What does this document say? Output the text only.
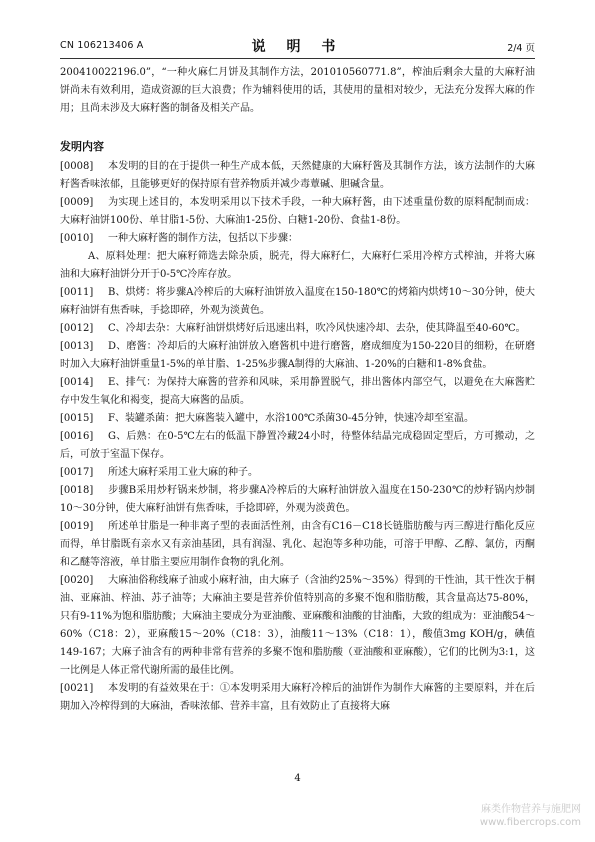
CN 106213406 A	说 明 书	2/4 页

200410022196.0”，“一种火麻仁月饼及其制作方法，201010560771.8”，榨油后剩余大量的大麻籽油饼尚未有效利用，造成资源的巨大浪费；作为辅料使用的话，其使用的量相对较少，无法充分发挥大麻的作用；且尚未涉及大麻籽酱的制备及相关产品。

发明内容

[0008] 本发明的目的在于提供一种生产成本低，天然健康的大麻籽酱及其制作方法，该方法制作的大麻籽酱香味浓郁，且能够更好的保持原有营养物质并减少毒蕈碱、胆碱含量。

[0009] 为实现上述目的，本发明采用以下技术手段，一种大麻籽酱，由下述重量份数的原料配制而成：大麻籽油饼100份、单甘脂1-5份、大麻油1-25份、白糖1-20份、食盐1-8份。

[0010] 一种大麻籽酱的制作方法，包括以下步骤：

A、原料处理：把大麻籽筛选去除杂质，脱壳，得大麻籽仁，大麻籽仁采用冷榨方式榨油，并将大麻油和大麻籽油饼分开于0-5℃冷库存放。

[0011] B、烘烤：将步骤A冷榨后的大麻籽油饼放入温度在150-180℃的烤箱内烘烤10～30分钟，使大麻籽油饼有焦香味，手捻即碎，外观为淡黄色。

[0012] C、冷却去杂：大麻籽油饼烘烤好后迅速出料，吹冷风快速冷却、去杂，使其降温至40-60℃。

[0013] D、磨酱：冷却后的大麻籽油饼放入磨酱机中进行磨酱，磨成细度为150-220目的细粉，在研磨时加入大麻籽油饼重量1-5%的单甘脂、1-25%步骤A制得的大麻油、1-20%的白糖和1-8%食盐。

[0014] E、排气：为保持大麻酱的营养和风味，采用静置脱气，排出酱体内部空气，以避免在大麻酱贮存中发生氧化和褐变，提高大麻酱的品质。

[0015] F、装罐杀菌：把大麻酱装入罐中，水浴100℃杀菌30-45分钟，快速冷却至室温。

[0016] G、后熟：在0-5℃左右的低温下静置冷藏24小时，待整体结晶完成稳固定型后，方可搬动，之后，可放于室温下保存。

[0017] 所述大麻籽采用工业大麻的种子。

[0018] 步骤B采用炒籽锅来炒制，将步骤A冷榨后的大麻籽油饼放入温度在150-230℃的炒籽锅内炒制10～30分钟，使大麻籽油饼有焦香味，手捻即碎，外观为淡黄色。

[0019] 所述单甘脂是一种非离子型的表面活性剂，由含有C16－C18长链脂肪酸与丙三醇进行酯化反应而得，单甘脂既有亲水又有亲油基团，具有润湿、乳化、起泡等多种功能，可溶于甲醇、乙醇、氯仿，丙酮和乙醚等溶液，单甘脂主要应用制作食物的乳化剂。

[0020] 大麻油俗称线麻子油或小麻籽油，由大麻子（含油约25%～35%）得到的干性油，其干性次于桐油、亚麻油、梓油、苏子油等；大麻油主要是营养价值特别高的多聚不饱和脂肪酸，其含量高达75-80%，只有9-11%为饱和脂肪酸；大麻油主要成分为亚油酸、亚麻酸和油酸的甘油酯，大致的组成为：亚油酸54～60%（C18：2），亚麻酸15～20%（C18：3），油酸11～13%（C18：1），酸值3mg KOH/g，碘值149-167；大麻子油含有的两种非常有营养的多聚不饱和脂肪酸（亚油酸和亚麻酸），它们的比例为3:1，这一比例是人体正常代谢所需的最佳比例。

[0021] 本发明的有益效果在于：①本发明采用大麻籽冷榨后的油饼作为制作大麻酱的主要原料，并在后期加入冷榨得到的大麻油，香味浓郁、营养丰富，且有效防止了直接将大麻

4
麻类作物营养与施肥网
www.fibercrops.com
